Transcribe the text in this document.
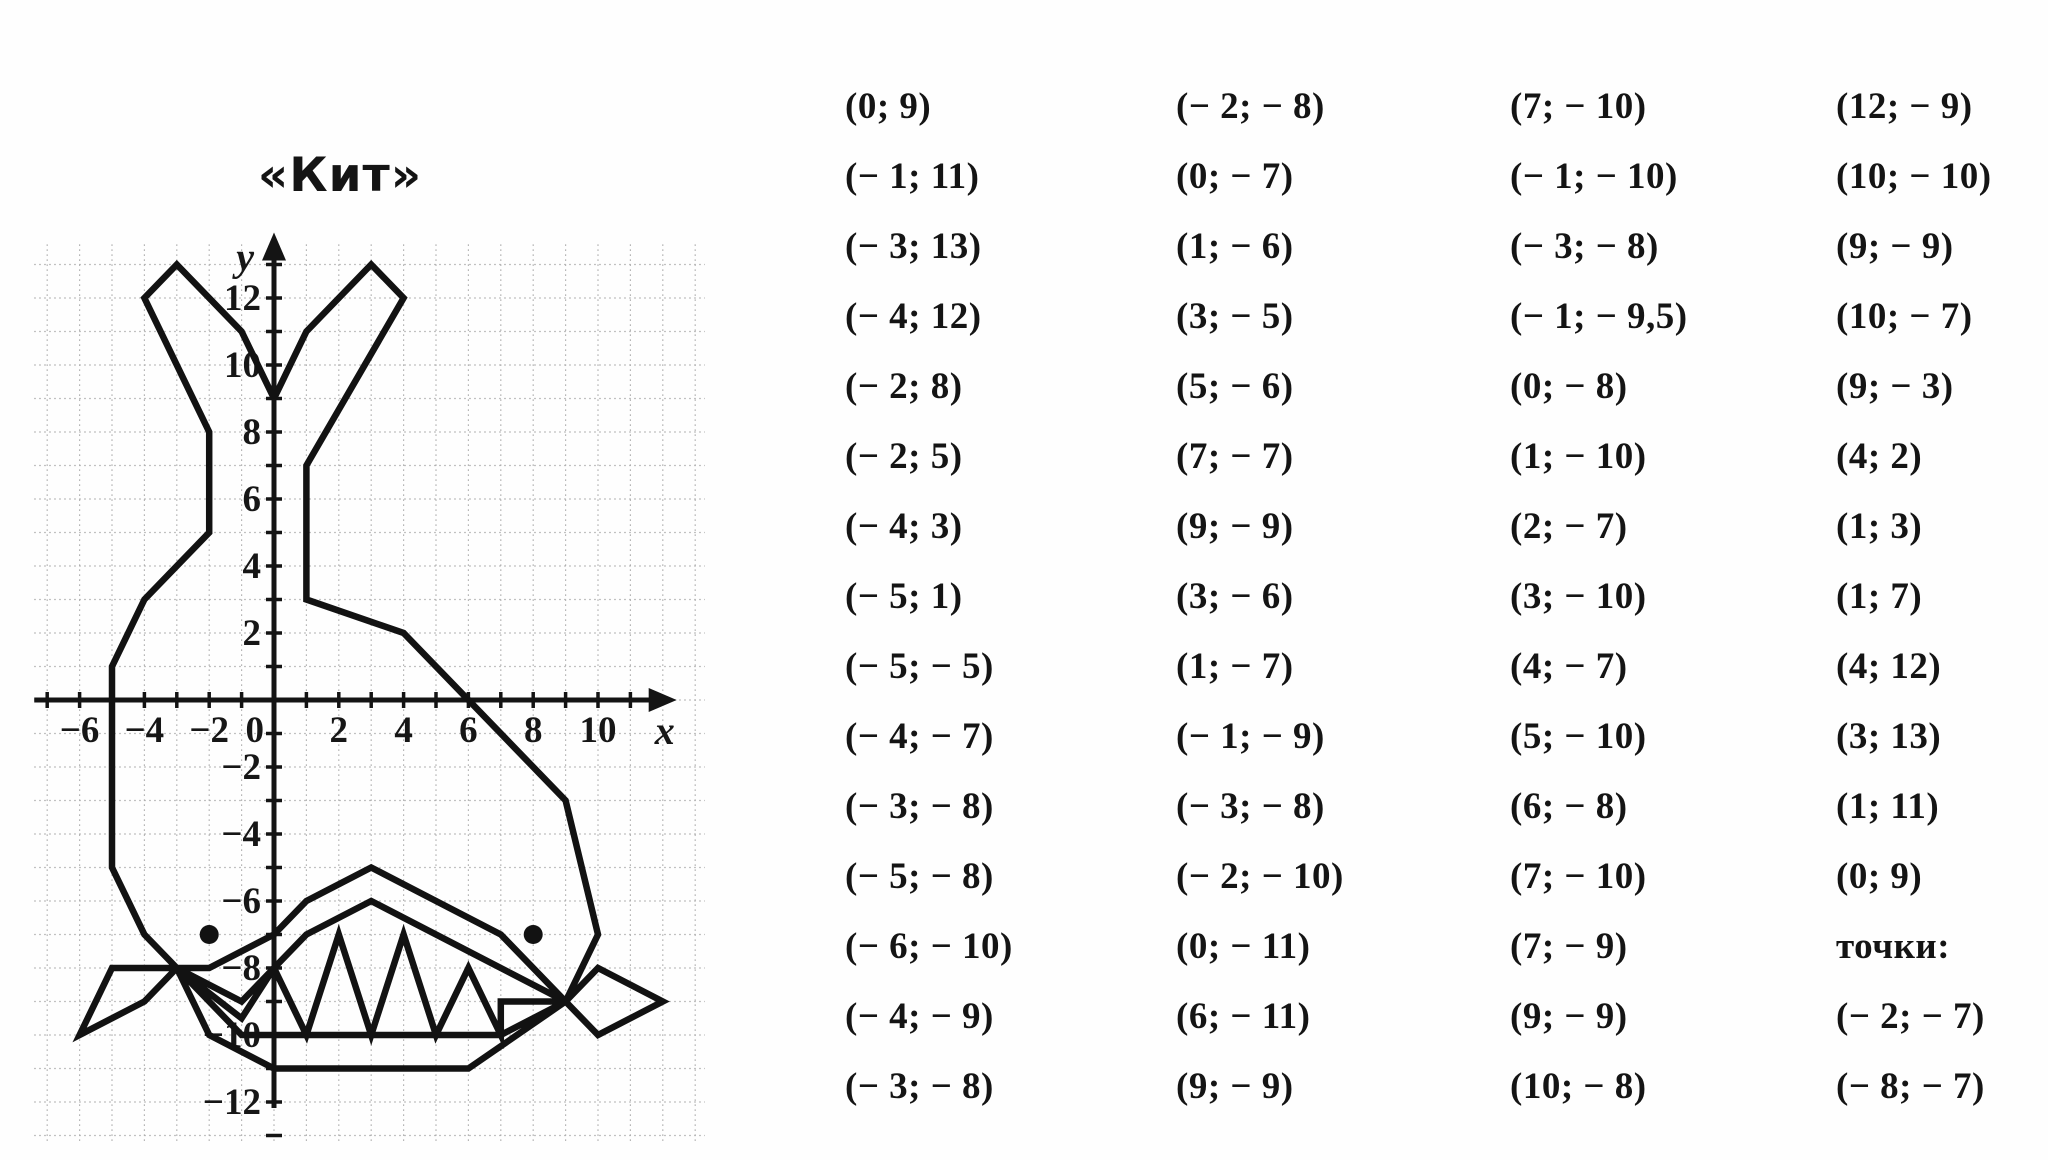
«Кит»
−6 −4 −2 0 2 4 6 8 10
12
10
8
6
4
2
−2
−4
−6
−8
−10
−12
x
y
(0; 9)
(− 1; 11)
(− 3; 13)
(− 4; 12)
(− 2; 8)
(− 2; 5)
(− 4; 3)
(− 5; 1)
(− 5; − 5)
(− 4; − 7)
(− 3; − 8)
(− 5; − 8)
(− 6; − 10)
(− 4; − 9)
(− 3; − 8)
(− 2; − 8)
(0; − 7)
(1; − 6)
(3; − 5)
(5; − 6)
(7; − 7)
(9; − 9)
(3; − 6)
(1; − 7)
(− 1; − 9)
(− 3; − 8)
(− 2; − 10)
(0; − 11)
(6; − 11)
(9; − 9)
(7; − 10)
(− 1; − 10)
(− 3; − 8)
(− 1; − 9,5)
(0; − 8)
(1; − 10)
(2; − 7)
(3; − 10)
(4; − 7)
(5; − 10)
(6; − 8)
(7; − 10)
(7; − 9)
(9; − 9)
(10; − 8)
(12; − 9)
(10; − 10)
(9; − 9)
(10; − 7)
(9; − 3)
(4; 2)
(1; 3)
(1; 7)
(4; 12)
(3; 13)
(1; 11)
(0; 9)
точки:
(− 2; − 7)
(− 8; − 7)
